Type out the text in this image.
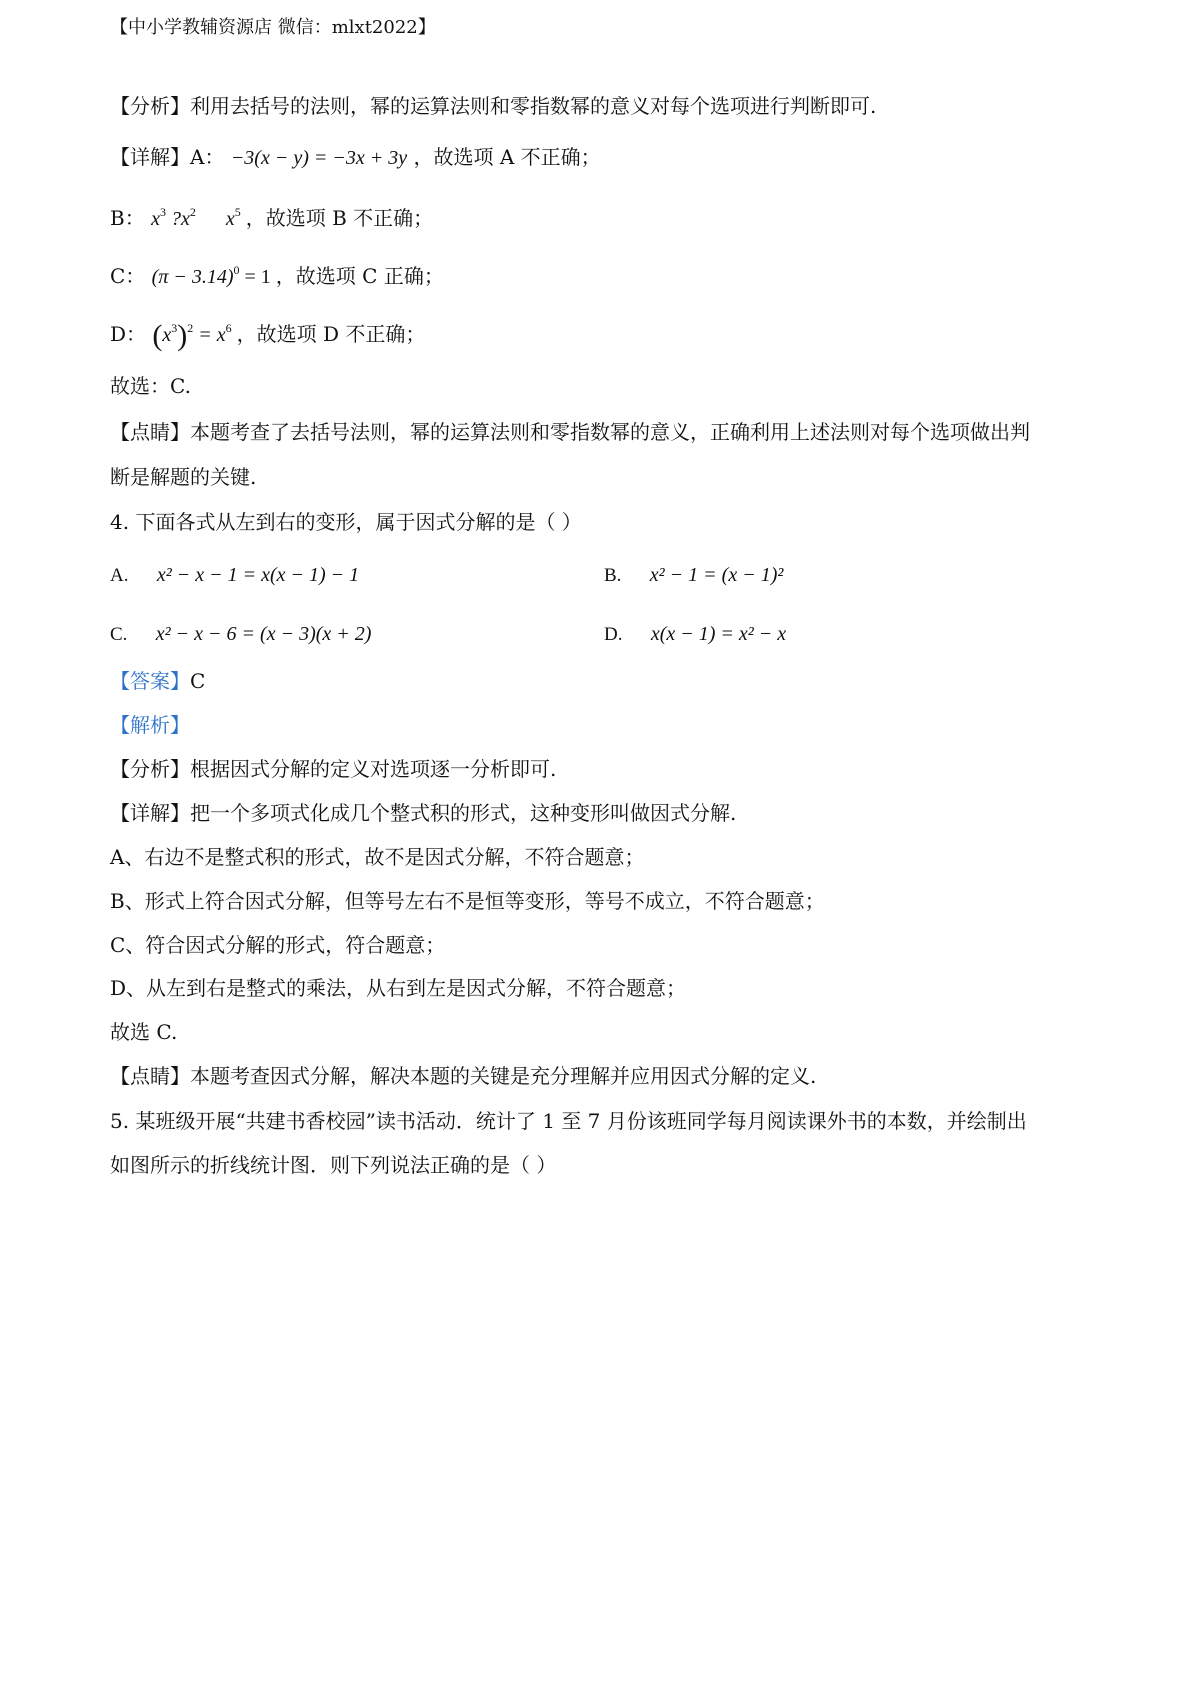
【中小学教辅资源店 微信：mlxt2022】
【分析】利用去括号的法则，幂的运算法则和零指数幂的意义对每个选项进行判断即可.
【详解】A： −3(x − y) = −3x + 3y ，故选项 A 不正确；
B： $x^3$ $?x^2$ $x^5$ ，故选项 B 不正确；
C： $(\pi - 3.14)^0 = 1$ ，故选项 C 正确；
D： $(x^3)^2 = x^6$ ，故选项 D 不正确；
故选：C.
【点睛】本题考查了去括号法则，幂的运算法则和零指数幂的意义，正确利用上述法则对每个选项做出判
断是解题的关键.
4. 下面各式从左到右的变形，属于因式分解的是（ ）
A. x² − x − 1 = x(x − 1) − 1	B. x² − 1 = (x − 1)²
C. x² − x − 6 = (x − 3)(x + 2)	D. x(x − 1) = x² − x
【答案】C
【解析】
【分析】根据因式分解的定义对选项逐一分析即可.
【详解】把一个多项式化成几个整式积的形式，这种变形叫做因式分解.
A、右边不是整式积的形式，故不是因式分解，不符合题意；
B、形式上符合因式分解，但等号左右不是恒等变形，等号不成立，不符合题意；
C、符合因式分解的形式，符合题意；
D、从左到右是整式的乘法，从右到左是因式分解，不符合题意；
故选 C.
【点睛】本题考查因式分解，解决本题的关键是充分理解并应用因式分解的定义.
5. 某班级开展“共建书香校园”读书活动．统计了 1 至 7 月份该班同学每月阅读课外书的本数，并绘制出
如图所示的折线统计图．则下列说法正确的是（ ）
